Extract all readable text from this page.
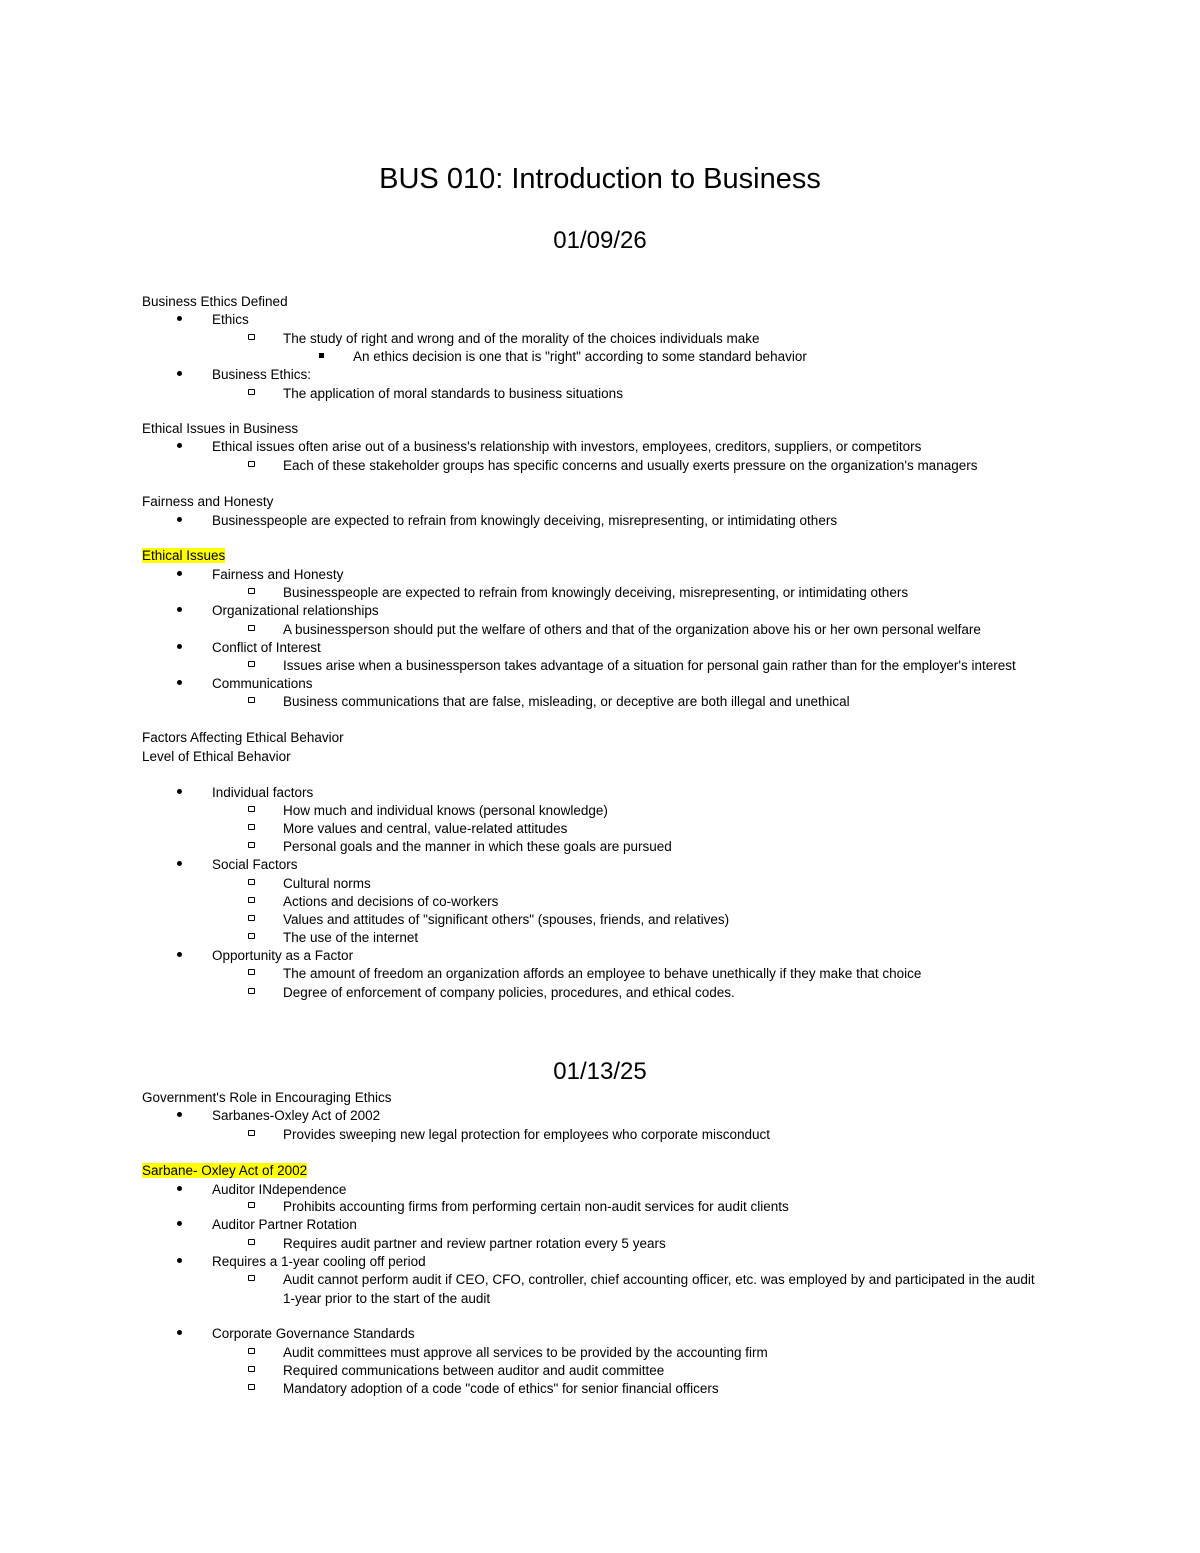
BUS 010: Introduction to Business
01/09/26
Business Ethics Defined
Ethics
The study of right and wrong and of the morality of the choices individuals make
An ethics decision is one that is "right" according to some standard behavior
Business Ethics:
The application of moral standards to business situations
Ethical Issues in Business
Ethical issues often arise out of a business's relationship with investors, employees, creditors, suppliers, or competitors
Each of these stakeholder groups has specific concerns and usually exerts pressure on the organization's managers
Fairness and Honesty
Businesspeople are expected to refrain from knowingly deceiving, misrepresenting, or intimidating others
Ethical Issues
Fairness and Honesty
Businesspeople are expected to refrain from knowingly deceiving, misrepresenting, or intimidating others
Organizational relationships
A businessperson should put the welfare of others and that of the organization above his or her own personal welfare
Conflict of Interest
Issues arise when a businessperson takes advantage of a situation for personal gain rather than for the employer's interest
Communications
Business communications that are false, misleading, or deceptive are both illegal and unethical
Factors Affecting Ethical Behavior
Level of Ethical Behavior
Individual factors
How much and individual knows (personal knowledge)
More values and central, value-related attitudes
Personal goals and the manner in which these goals are pursued
Social Factors
Cultural norms
Actions and decisions of co-workers
Values and attitudes of "significant others" (spouses, friends, and relatives)
The use of the internet
Opportunity as a Factor
The amount of freedom an organization affords an employee to behave unethically if they make that choice
Degree of enforcement of company policies, procedures, and ethical codes.
01/13/25
Government's Role in Encouraging Ethics
Sarbanes-Oxley Act of 2002
Provides sweeping new legal protection for employees who corporate misconduct
Sarbane- Oxley Act of 2002
Auditor INdependence
Prohibits accounting firms from performing certain non-audit services for audit clients
Auditor Partner Rotation
Requires audit partner and review partner rotation every 5 years
Requires a 1-year cooling off period
Audit cannot perform audit if CEO, CFO, controller, chief accounting officer, etc. was employed by and participated in the audit
1-year prior to the start of the audit
Corporate Governance Standards
Audit committees must approve all services to be provided by the accounting firm
Required communications between auditor and audit committee
Mandatory adoption of a code "code of ethics" for senior financial officers
